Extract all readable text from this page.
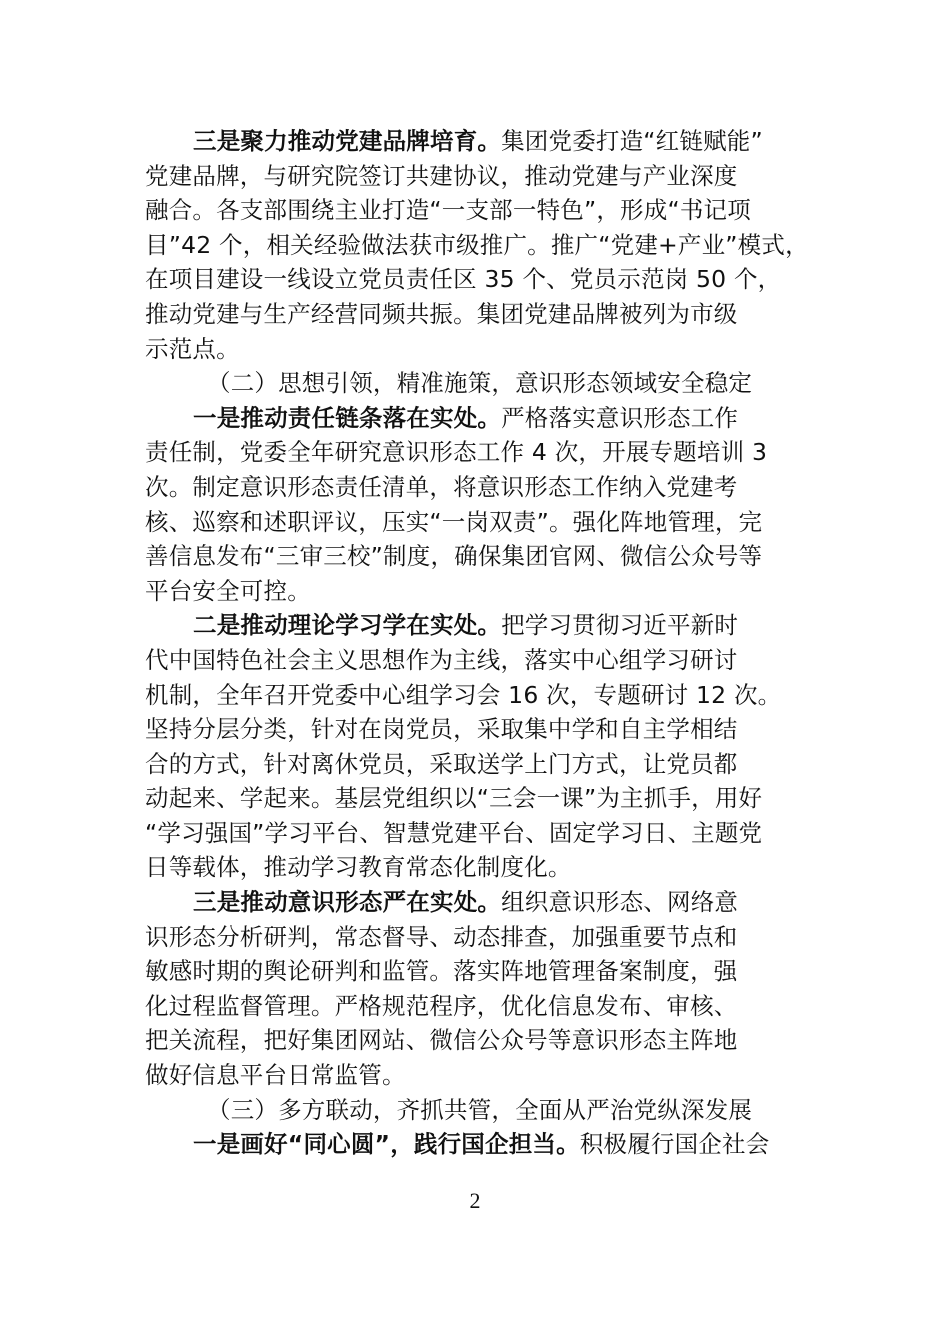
三是聚力推动党建品牌培育。集团党委打造“红链赋能”
党建品牌，与研究院签订共建协议，推动党建与产业深度
融合。各支部围绕主业打造“一支部一特色”，形成“书记项
目”42 个，相关经验做法获市级推广。推广“党建+产业”模式，
在项目建设一线设立党员责任区 35 个、党员示范岗 50 个，
推动党建与生产经营同频共振。集团党建品牌被列为市级
示范点。
（二）思想引领，精准施策，意识形态领域安全稳定
一是推动责任链条落在实处。严格落实意识形态工作
责任制，党委全年研究意识形态工作 4 次，开展专题培训 3
次。制定意识形态责任清单，将意识形态工作纳入党建考
核、巡察和述职评议，压实“一岗双责”。强化阵地管理，完
善信息发布“三审三校”制度，确保集团官网、微信公众号等
平台安全可控。
二是推动理论学习学在实处。把学习贯彻习近平新时
代中国特色社会主义思想作为主线，落实中心组学习研讨
机制，全年召开党委中心组学习会 16 次，专题研讨 12 次。
坚持分层分类，针对在岗党员，采取集中学和自主学相结
合的方式，针对离休党员，采取送学上门方式，让党员都
动起来、学起来。基层党组织以“三会一课”为主抓手，用好
“学习强国”学习平台、智慧党建平台、固定学习日、主题党
日等载体，推动学习教育常态化制度化。
三是推动意识形态严在实处。组织意识形态、网络意
识形态分析研判，常态督导、动态排查，加强重要节点和
敏感时期的舆论研判和监管。落实阵地管理备案制度，强
化过程监督管理。严格规范程序，优化信息发布、审核、
把关流程，把好集团网站、微信公众号等意识形态主阵地
做好信息平台日常监管。
（三）多方联动，齐抓共管，全面从严治党纵深发展
一是画好“同心圆”，践行国企担当。积极履行国企社会
2
